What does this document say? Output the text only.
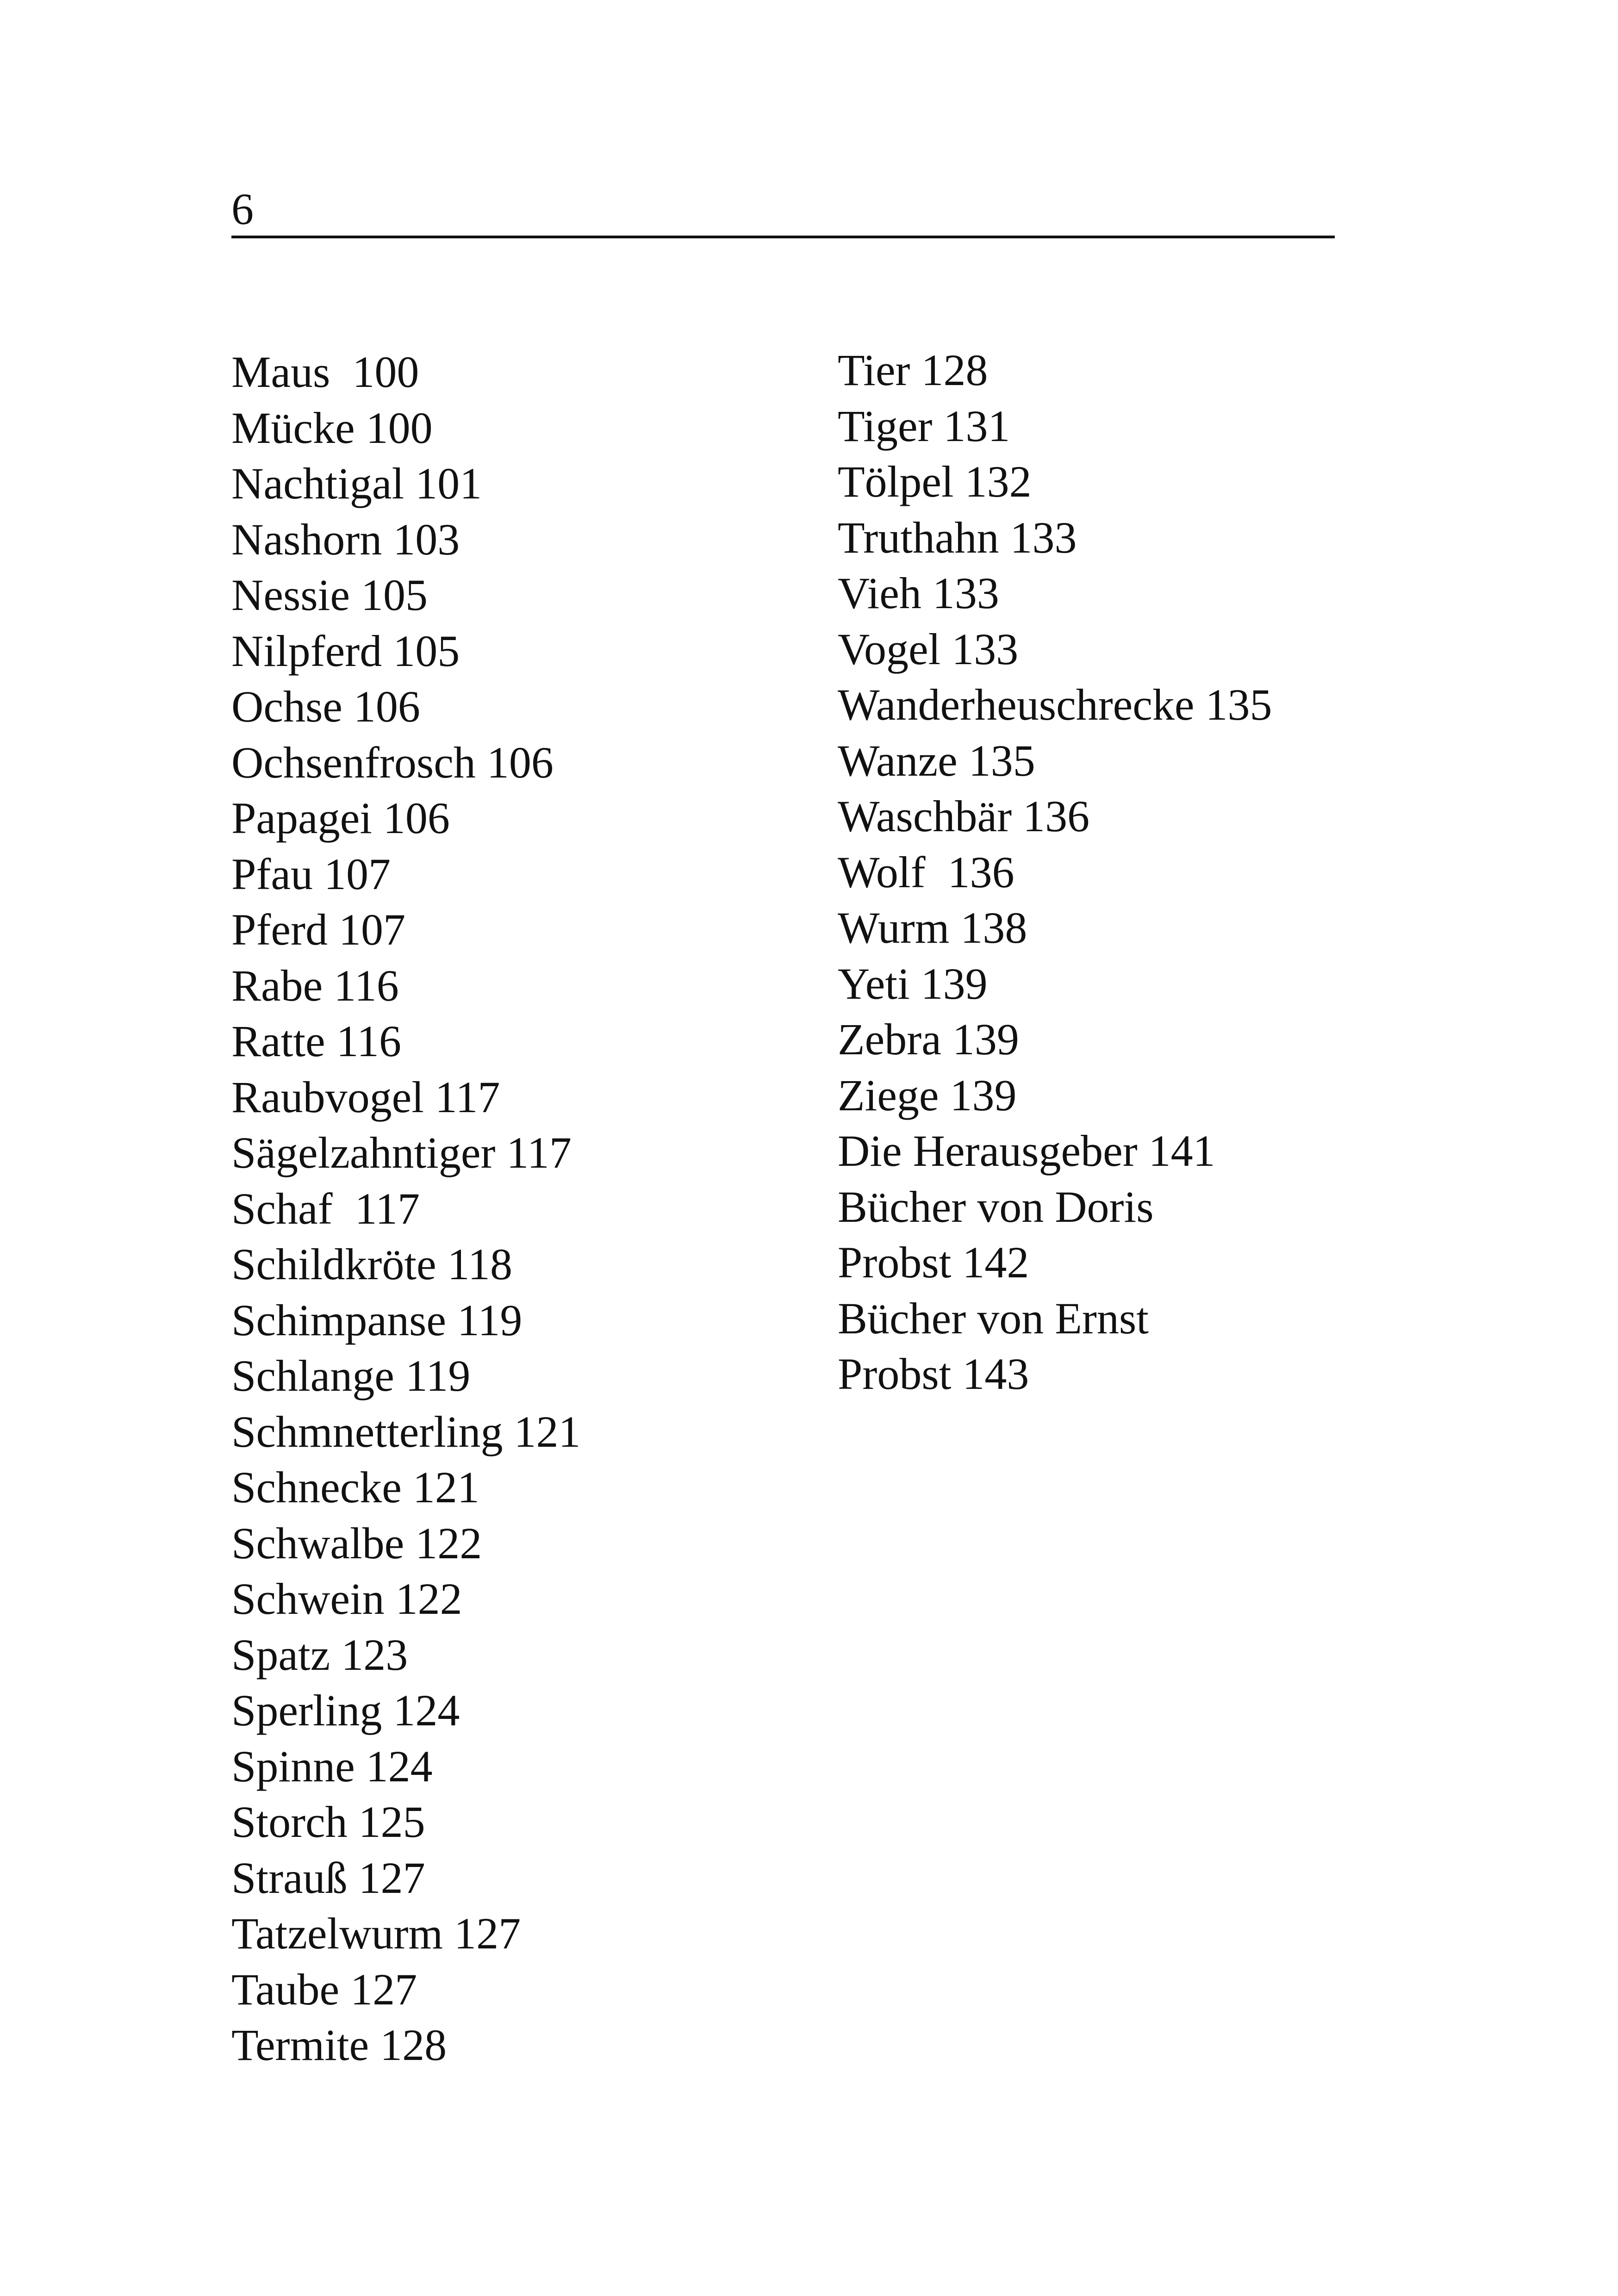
6
Maus 100
Mücke 100
Nachtigal 101
Nashorn 103
Nessie 105
Nilpferd 105
Ochse 106
Ochsenfrosch 106
Papagei 106
Pfau 107
Pferd 107
Rabe 116
Ratte 116
Raubvogel 117
Sägelzahntiger 117
Schaf 117
Schildkröte 118
Schimpanse 119
Schlange 119
Schmnetterling 121
Schnecke 121
Schwalbe 122
Schwein 122
Spatz 123
Sperling 124
Spinne 124
Storch 125
Strauß 127
Tatzelwurm 127
Taube 127
Termite 128
Tier 128
Tiger 131
Tölpel 132
Truthahn 133
Vieh 133
Vogel 133
Wanderheuschrecke 135
Wanze 135
Waschbär 136
Wolf 136
Wurm 138
Yeti 139
Zebra 139
Ziege 139
Die Herausgeber 141
Bücher von Doris Probst 142
Bücher von Ernst Probst 143
